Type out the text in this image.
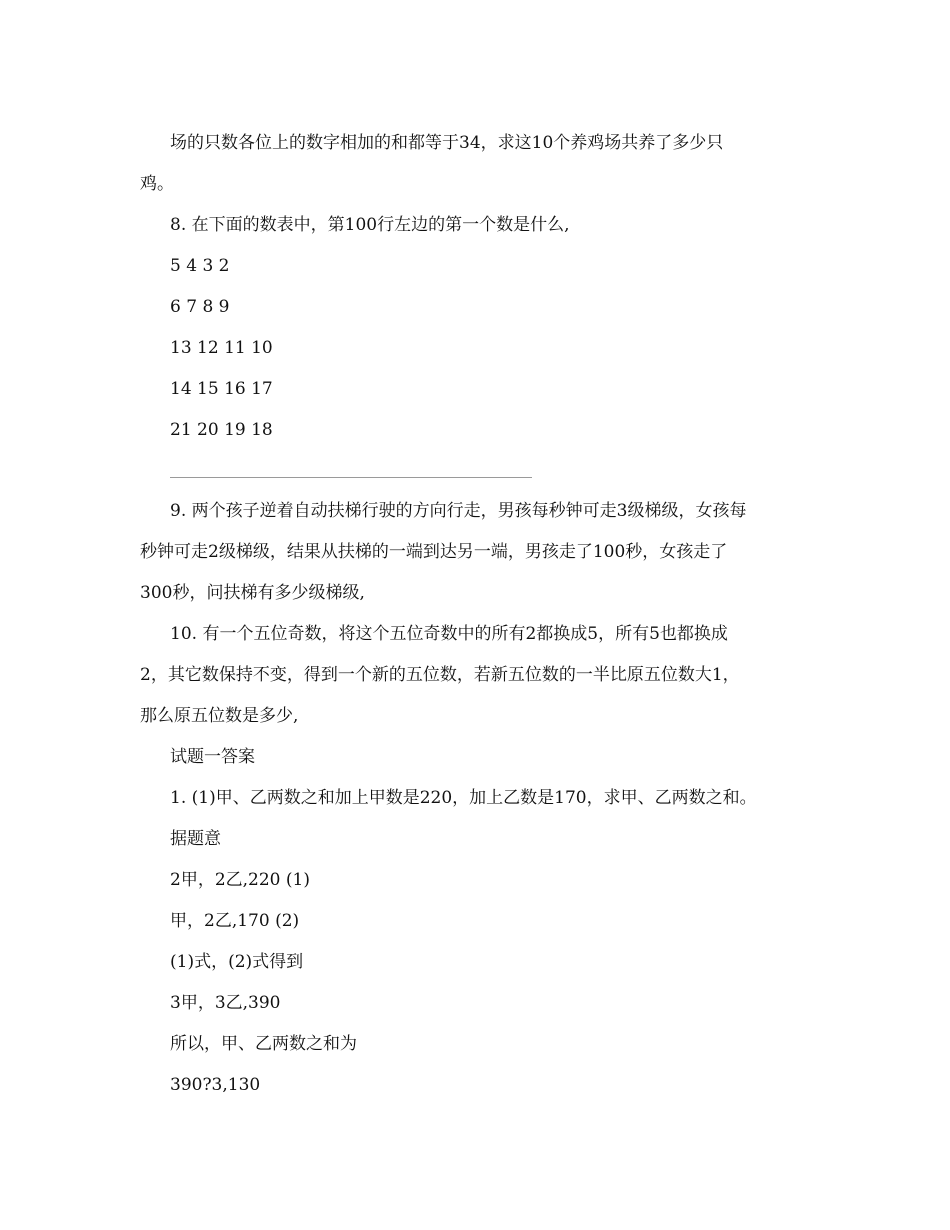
场的只数各位上的数字相加的和都等于34，求这10个养鸡场共养了多少只
鸡。
8. 在下面的数表中，第100行左边的第一个数是什么,
5 4 3 2
6 7 8 9
13 12 11 10
14 15 16 17
21 20 19 18
9. 两个孩子逆着自动扶梯行驶的方向行走，男孩每秒钟可走3级梯级，女孩每
秒钟可走2级梯级，结果从扶梯的一端到达另一端，男孩走了100秒，女孩走了
300秒，问扶梯有多少级梯级,
10. 有一个五位奇数，将这个五位奇数中的所有2都换成5，所有5也都换成
2，其它数保持不变，得到一个新的五位数，若新五位数的一半比原五位数大1，
那么原五位数是多少,
试题一答案
1. (1)甲、乙两数之和加上甲数是220，加上乙数是170，求甲、乙两数之和。
据题意
2甲，2乙,220 (1)
甲，2乙,170 (2)
(1)式，(2)式得到
3甲，3乙,390
所以，甲、乙两数之和为
390?3,130
